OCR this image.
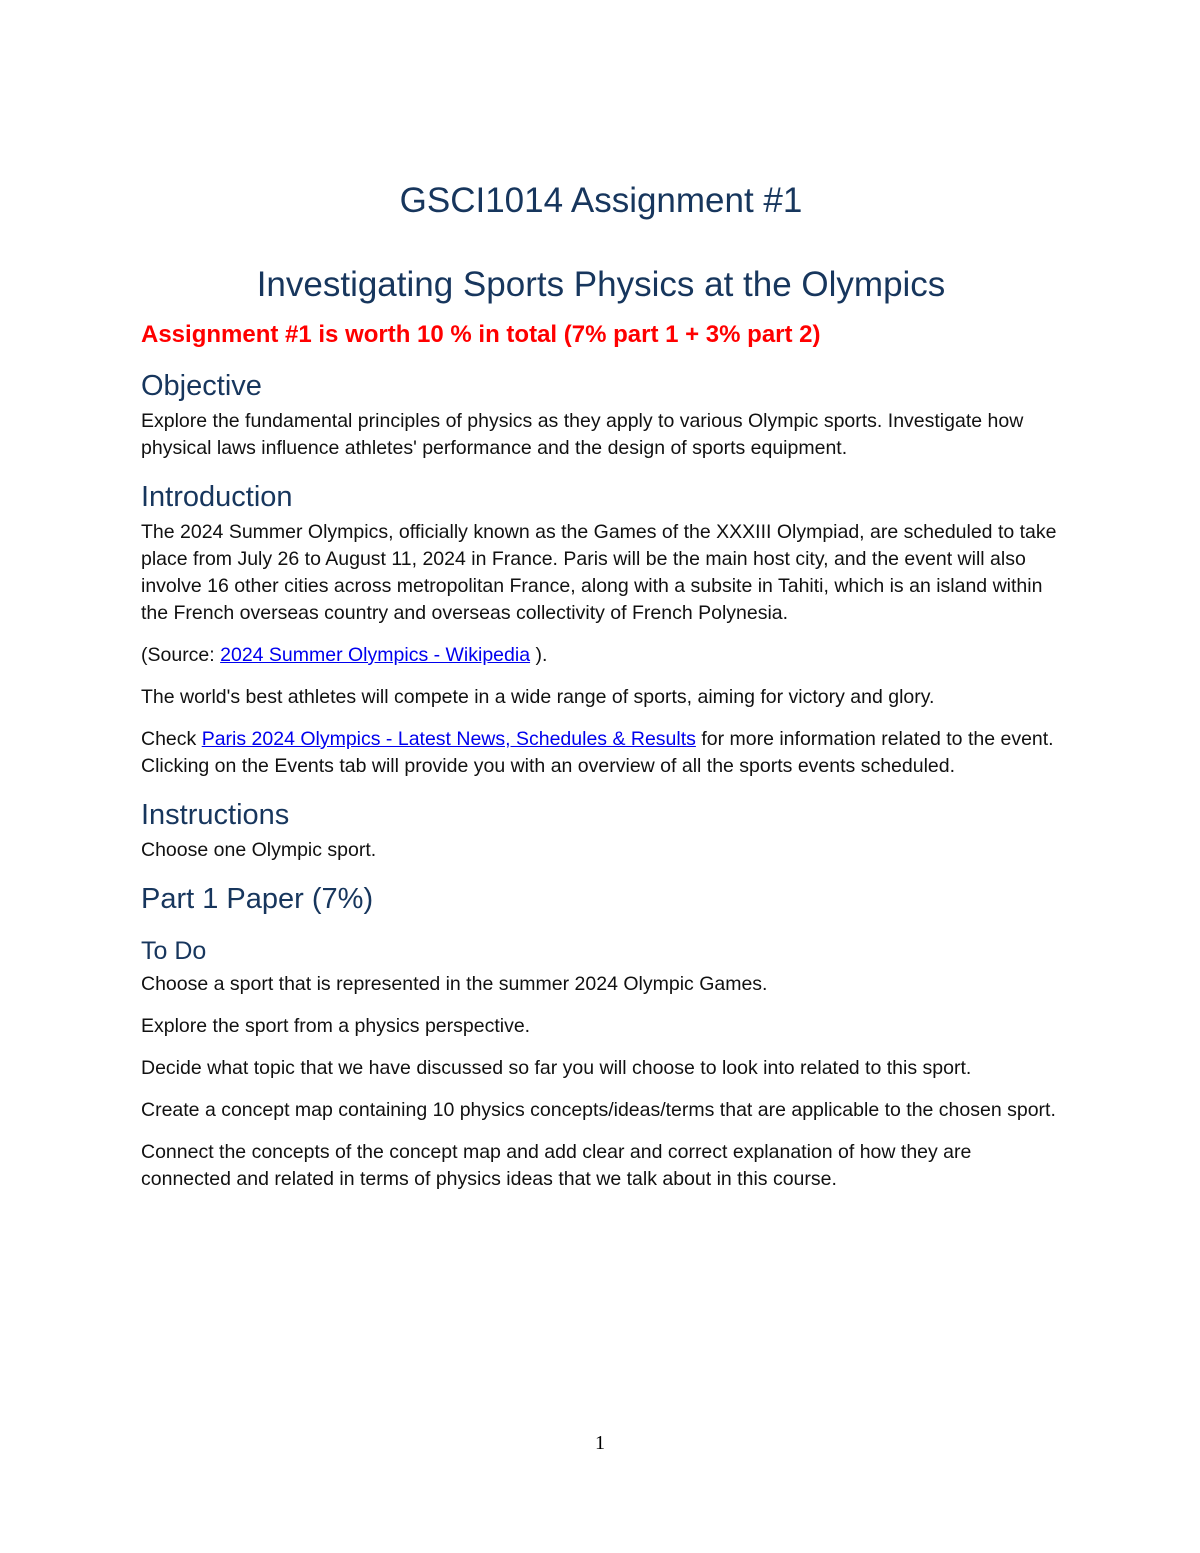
GSCI1014 Assignment #1
Investigating Sports Physics at the Olympics
Assignment #1 is worth 10 % in total (7% part 1 + 3% part 2)
Objective

Explore the fundamental principles of physics as they apply to various Olympic sports. Investigate how physical laws influence athletes' performance and the design of sports equipment.

Introduction

The 2024 Summer Olympics, officially known as the Games of the XXXIII Olympiad, are scheduled to take place from July 26 to August 11, 2024 in France. Paris will be the main host city, and the event will also involve 16 other cities across metropolitan France, along with a subsite in Tahiti, which is an island within the French overseas country and overseas collectivity of French Polynesia.

(Source: 2024 Summer Olympics - Wikipedia ).

The world's best athletes will compete in a wide range of sports, aiming for victory and glory.

Check Paris 2024 Olympics - Latest News, Schedules & Results for more information related to the event. Clicking on the Events tab will provide you with an overview of all the sports events scheduled.

Instructions

Choose one Olympic sport.

Part 1 Paper (7%)
To Do

Choose a sport that is represented in the summer 2024 Olympic Games.

Explore the sport from a physics perspective.

Decide what topic that we have discussed so far you will choose to look into related to this sport.

Create a concept map containing 10 physics concepts/ideas/terms that are applicable to the chosen sport.

Connect the concepts of the concept map and add clear and correct explanation of how they are connected and related in terms of physics ideas that we talk about in this course.

1
